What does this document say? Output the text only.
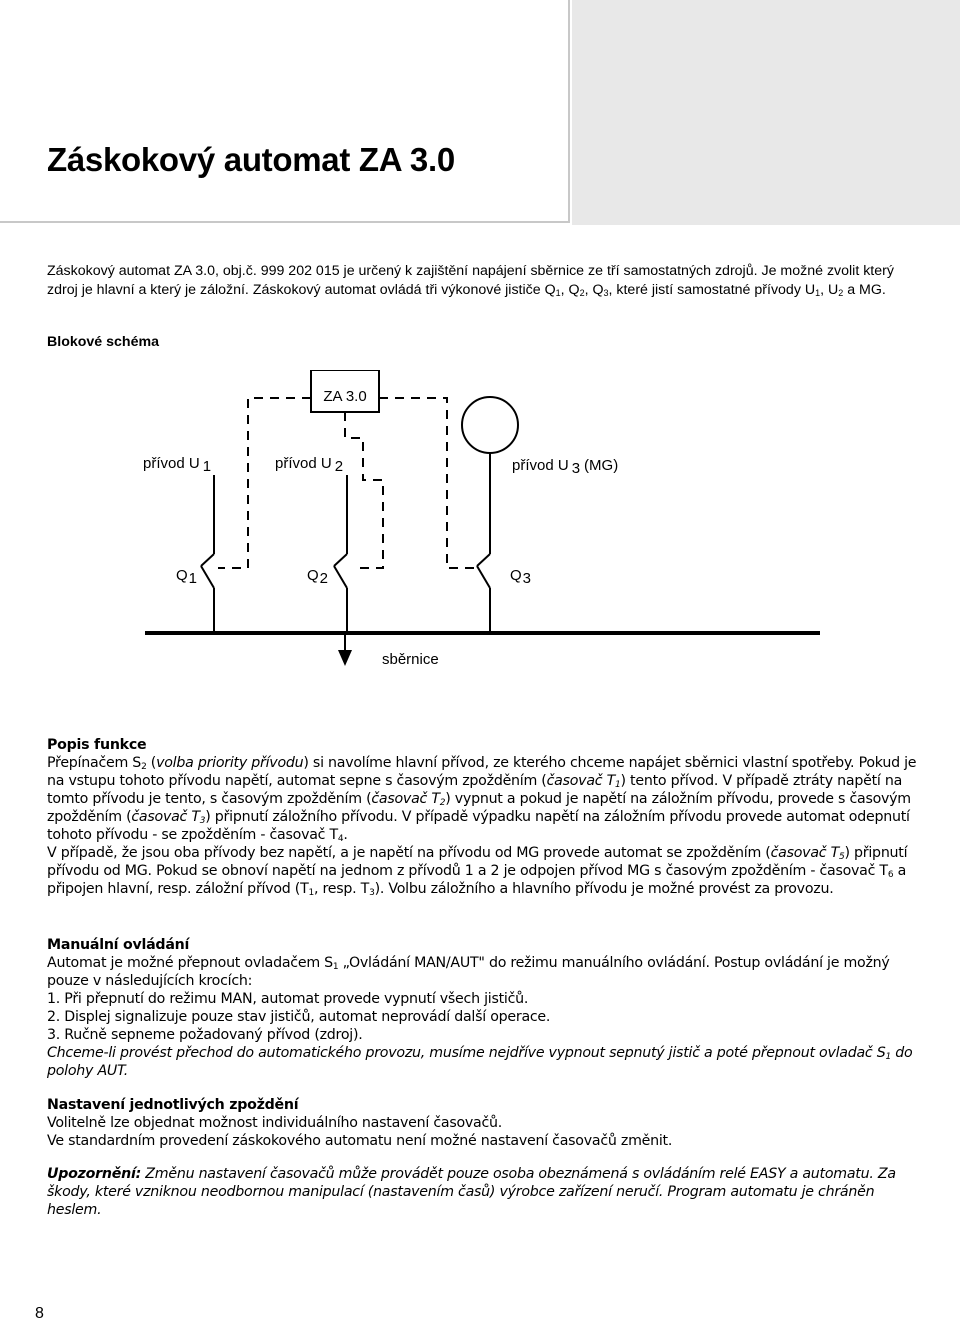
Záskokový automat ZA 3.0

Záskokový automat ZA 3.0, obj.č. 999 202 015 je určený k zajištění napájení sběrnice ze tří samostatných zdrojů. Je možné zvolit který zdroj je hlavní a který je záložní. Záskokový automat ovládá tři výkonové jističe $Q_1$, $Q_2$, $Q_3$, které jistí samostatné přívody $U_1$, $U_2$ a MG.

Blokové schéma

ZA 3.0
přívod U 1	přívod U 2	přívod U 3 (MG)
Q1	Q2	Q3
sběrnice

Popis funkce
Přepínačem $S_2$ (volba priority přívodu) si navolíme hlavní přívod, ze kterého chceme napájet sběrnici vlastní spotřeby. Pokud je na vstupu tohoto přívodu napětí, automat sepne s časovým zpožděním (časovač $T_1$) tento přívod. V případě ztráty napětí na tomto přívodu je tento, s časovým zpožděním (časovač $T_2$) vypnut a pokud je napětí na záložním přívodu, provede s časovým zpožděním (časovač $T_3$) připnutí záložního přívodu. V případě výpadku napětí na záložním přívodu provede automat odepnutí tohoto přívodu - se zpožděním - časovač $T_4$.
V případě, že jsou oba přívody bez napětí, a je napětí na přívodu od MG provede automat se zpožděním (časovač $T_5$) připnutí přívodu od MG. Pokud se obnoví napětí na jednom z přívodů 1 a 2 je odpojen přívod MG s časovým zpožděním - časovač $T_6$ a připojen hlavní, resp. záložní přívod ($T_1$, resp. $T_3$). Volbu záložního a hlavního přívodu je možné provést za provozu.

Manuální ovládání
Automat je možné přepnout ovladačem $S_1$ „Ovládání MAN/AUT" do režimu manuálního ovládání. Postup ovládání je možný pouze v následujících krocích:
1. Při přepnutí do režimu MAN, automat provede vypnutí všech jističů.
2. Displej signalizuje pouze stav jističů, automat neprovádí další operace.
3. Ručně sepneme požadovaný přívod (zdroj).
Chceme-li provést přechod do automatického provozu, musíme nejdříve vypnout sepnutý jistič a poté přepnout ovladač $S_1$ do polohy AUT.

Nastavení jednotlivých zpoždění
Volitelně lze objednat možnost individuálního nastavení časovačů.
Ve standardním provedení záskokového automatu není možné nastavení časovačů změnit.

Upozornění: Změnu nastavení časovačů může provádět pouze osoba obeznámená s ovládáním relé EASY a automatu. Za škody, které vzniknou neodbornou manipulací (nastavením časů) výrobce zařízení neručí. Program automatu je chráněn heslem.

8
